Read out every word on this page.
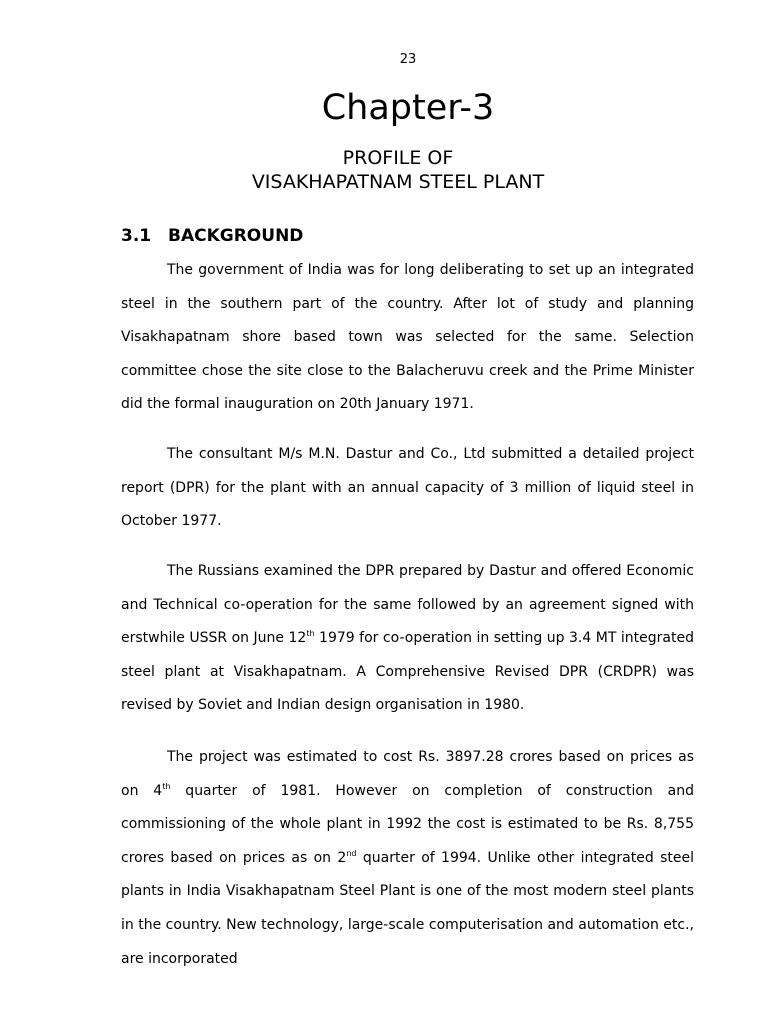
23
Chapter-3
PROFILE OF
VISAKHAPATNAM STEEL PLANT
3.1 BACKGROUND

The government of India was for long deliberating to set up an integrated steel in the southern part of the country. After lot of study and planning Visakhapatnam shore based town was selected for the same. Selection committee chose the site close to the Balacheruvu creek and the Prime Minister did the formal inauguration on 20th January 1971.

The consultant M/s M.N. Dastur and Co., Ltd submitted a detailed project report (DPR) for the plant with an annual capacity of 3 million of liquid steel in October 1977.

The Russians examined the DPR prepared by Dastur and offered Economic and Technical co-operation for the same followed by an agreement signed with erstwhile USSR on June 12th 1979 for co-operation in setting up 3.4 MT integrated steel plant at Visakhapatnam. A Comprehensive Revised DPR (CRDPR) was revised by Soviet and Indian design organisation in 1980.

The project was estimated to cost Rs. 3897.28 crores based on prices as on 4th quarter of 1981. However on completion of construction and commissioning of the whole plant in 1992 the cost is estimated to be Rs. 8,755 crores based on prices as on 2nd quarter of 1994. Unlike other integrated steel plants in India Visakhapatnam Steel Plant is one of the most modern steel plants in the country. New technology, large-scale computerisation and automation etc., are incorporated
